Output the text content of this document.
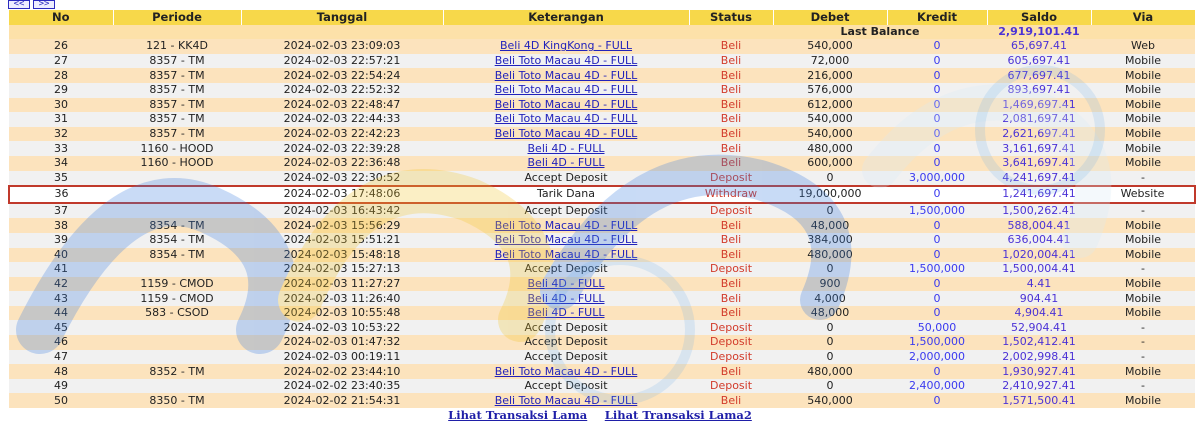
<<	>>
No	Periode	Tanggal	Keterangan	Status	Debet	Kredit	Saldo	Via
					Last Balance		2,919,101.41	
26	121 - KK4D	2024-02-03 23:09:03	Beli 4D KingKong - FULL	Beli	540,000	0	65,697.41	Web
27	8357 - TM	2024-02-03 22:57:21	Beli Toto Macau 4D - FULL	Beli	72,000	0	605,697.41	Mobile
28	8357 - TM	2024-02-03 22:54:24	Beli Toto Macau 4D - FULL	Beli	216,000	0	677,697.41	Mobile
29	8357 - TM	2024-02-03 22:52:32	Beli Toto Macau 4D - FULL	Beli	576,000	0	893,697.41	Mobile
30	8357 - TM	2024-02-03 22:48:47	Beli Toto Macau 4D - FULL	Beli	612,000	0	1,469,697.41	Mobile
31	8357 - TM	2024-02-03 22:44:33	Beli Toto Macau 4D - FULL	Beli	540,000	0	2,081,697.41	Mobile
32	8357 - TM	2024-02-03 22:42:23	Beli Toto Macau 4D - FULL	Beli	540,000	0	2,621,697.41	Mobile
33	1160 - HOOD	2024-02-03 22:39:28	Beli 4D - FULL	Beli	480,000	0	3,161,697.41	Mobile
34	1160 - HOOD	2024-02-03 22:36:48	Beli 4D - FULL	Beli	600,000	0	3,641,697.41	Mobile
35		2024-02-03 22:30:52	Accept Deposit	Deposit	0	3,000,000	4,241,697.41	-
36		2024-02-03 17:48:06	Tarik Dana	Withdraw	19,000,000	0	1,241,697.41	Website
37		2024-02-03 16:43:42	Accept Deposit	Deposit	0	1,500,000	1,500,262.41	-
38	8354 - TM	2024-02-03 15:56:29	Beli Toto Macau 4D - FULL	Beli	48,000	0	588,004.41	Mobile
39	8354 - TM	2024-02-03 15:51:21	Beli Toto Macau 4D - FULL	Beli	384,000	0	636,004.41	Mobile
40	8354 - TM	2024-02-03 15:48:18	Beli Toto Macau 4D - FULL	Beli	480,000	0	1,020,004.41	Mobile
41		2024-02-03 15:27:13	Accept Deposit	Deposit	0	1,500,000	1,500,004.41	-
42	1159 - CMOD	2024-02-03 11:27:27	Beli 4D - FULL	Beli	900	0	4.41	Mobile
43	1159 - CMOD	2024-02-03 11:26:40	Beli 4D - FULL	Beli	4,000	0	904.41	Mobile
44	583 - CSOD	2024-02-03 10:55:48	Beli 4D - FULL	Beli	48,000	0	4,904.41	Mobile
45		2024-02-03 10:53:22	Accept Deposit	Deposit	0	50,000	52,904.41	-
46		2024-02-03 01:47:32	Accept Deposit	Deposit	0	1,500,000	1,502,412.41	-
47		2024-02-03 00:19:11	Accept Deposit	Deposit	0	2,000,000	2,002,998.41	-
48	8352 - TM	2024-02-02 23:44:10	Beli Toto Macau 4D - FULL	Beli	480,000	0	1,930,927.41	Mobile
49		2024-02-02 23:40:35	Accept Deposit	Deposit	0	2,400,000	2,410,927.41	-
50	8350 - TM	2024-02-02 21:54:31	Beli Toto Macau 4D - FULL	Beli	540,000	0	1,571,500.41	Mobile
Lihat Transaksi Lama Lihat Transaksi Lama2
